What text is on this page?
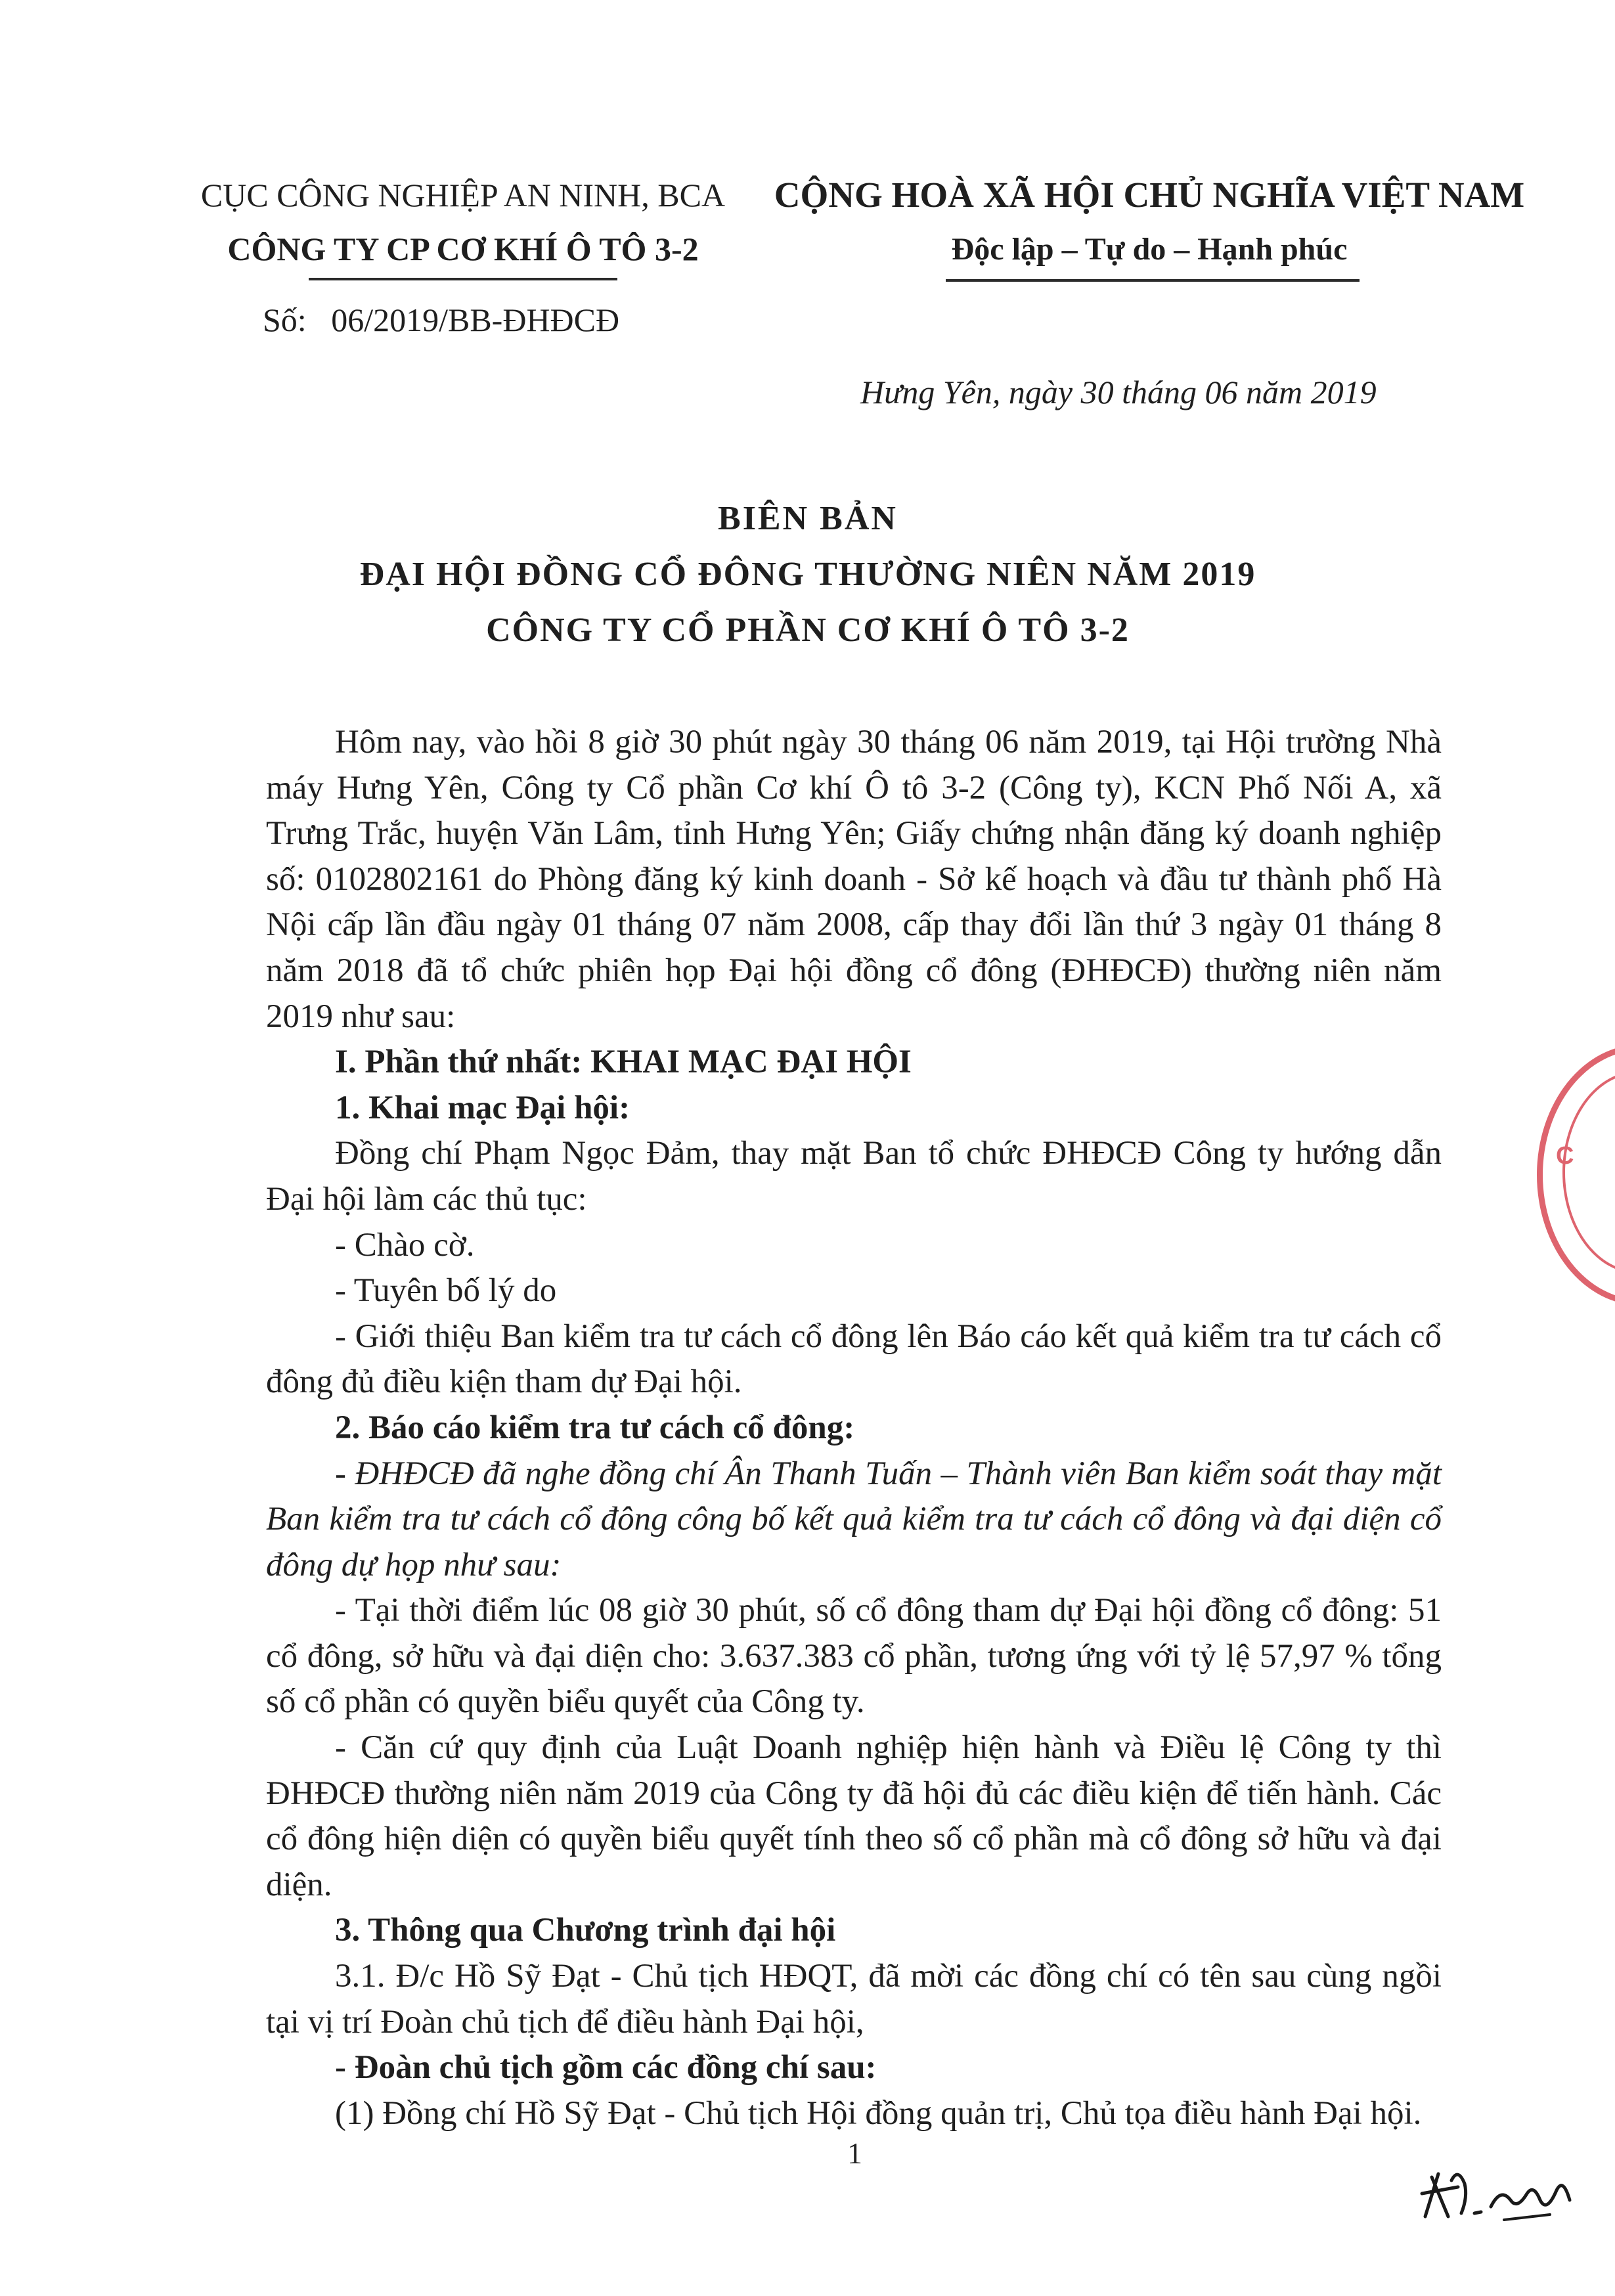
CỤC CÔNG NGHIỆP AN NINH, BCA
CÔNG TY CP CƠ KHÍ Ô TÔ 3-2
CỘNG HOÀ XÃ HỘI CHỦ NGHĨA VIỆT NAM
Độc lập – Tự do – Hạnh phúc
Số:   06/2019/BB-ĐHĐCĐ
Hưng Yên, ngày 30 tháng 06 năm 2019
BIÊN BẢN
ĐẠI HỘI ĐỒNG CỔ ĐÔNG THƯỜNG NIÊN NĂM 2019
CÔNG TY CỔ PHẦN CƠ KHÍ Ô TÔ 3-2

Hôm nay, vào hồi 8 giờ 30 phút ngày 30 tháng 06 năm 2019, tại Hội trường Nhà máy Hưng Yên, Công ty Cổ phần Cơ khí Ô tô 3-2 (Công ty), KCN Phố Nối A, xã Trưng Trắc, huyện Văn Lâm, tỉnh Hưng Yên; Giấy chứng nhận đăng ký doanh nghiệp số: 0102802161 do Phòng đăng ký kinh doanh - Sở kế hoạch và đầu tư thành phố Hà Nội cấp lần đầu ngày 01 tháng 07 năm 2008, cấp thay đổi lần thứ 3 ngày 01 tháng 8 năm 2018 đã tổ chức phiên họp Đại hội đồng cổ đông (ĐHĐCĐ) thường niên năm 2019 như sau:

I. Phần thứ nhất: KHAI MẠC ĐẠI HỘI

1. Khai mạc Đại hội:

Đồng chí Phạm Ngọc Đảm, thay mặt Ban tổ chức ĐHĐCĐ Công ty hướng dẫn Đại hội làm các thủ tục:

- Chào cờ.

- Tuyên bố lý do

- Giới thiệu Ban kiểm tra tư cách cổ đông lên Báo cáo kết quả kiểm tra tư cách cổ đông đủ điều kiện tham dự Đại hội.

2. Báo cáo kiểm tra tư cách cổ đông:

- ĐHĐCĐ đã nghe đồng chí Ân Thanh Tuấn – Thành viên Ban kiểm soát thay mặt Ban kiểm tra tư cách cổ đông công bố kết quả kiểm tra tư cách cổ đông và đại diện cổ đông dự họp như sau:

- Tại thời điểm lúc 08 giờ 30 phút, số cổ đông tham dự Đại hội đồng cổ đông: 51 cổ đông, sở hữu và đại diện cho: 3.637.383 cổ phần, tương ứng với tỷ lệ 57,97 % tổng số cổ phần có quyền biểu quyết của Công ty.

- Căn cứ quy định của Luật Doanh nghiệp hiện hành và Điều lệ Công ty thì ĐHĐCĐ thường niên năm 2019 của Công ty đã hội đủ các điều kiện để tiến hành. Các cổ đông hiện diện có quyền biểu quyết tính theo số cổ phần mà cổ đông sở hữu và đại diện.

3. Thông qua Chương trình đại hội

3.1. Đ/c Hồ Sỹ Đạt - Chủ tịch HĐQT, đã mời các đồng chí có tên sau cùng ngồi tại vị trí Đoàn chủ tịch để điều hành Đại hội,

- Đoàn chủ tịch gồm các đồng chí sau:

(1) Đồng chí Hồ Sỹ Đạt - Chủ tịch Hội đồng quản trị, Chủ tọa điều hành Đại hội.

1
C
